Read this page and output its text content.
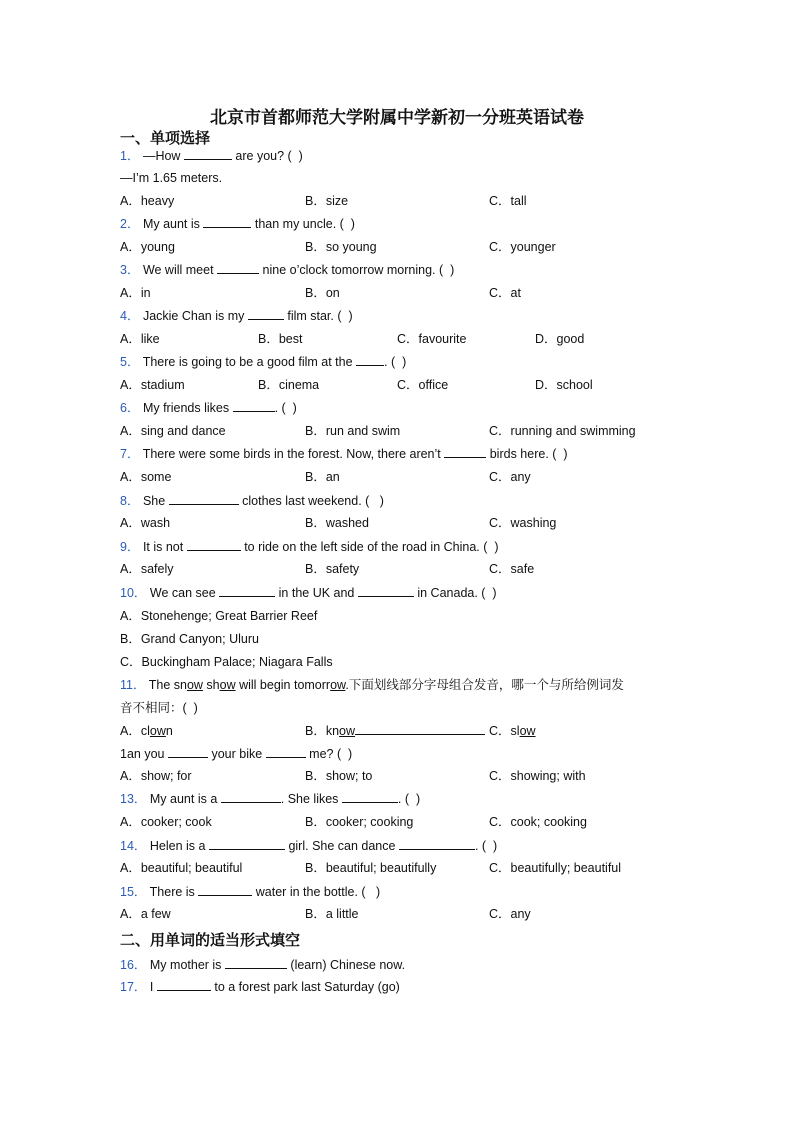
北京市首都师范大学附属中学新初一分班英语试卷
一、单项选择
1． —How	are you? (  )
—I’m 1.65 meters.
A．heavy	B．size	C．tall
2． My aunt is	than my uncle. (  )
A．young	B．so young	C．younger
3． We will meet	nine o’clock tomorrow morning. (  )
A．in	B．on	C．at
4． Jackie Chan is my	film star. (  )
A．like	B．best	C．favourite	D．good
5． There is going to be a good film at the	. (  )
A．stadium	B．cinema	C．office	D．school
6． My friends likes	. (  )
A．sing and dance	B．run and swim	C．running and swimming
7． There were some birds in the forest. Now, there aren’t	birds here. (  )
A．some	B．an	C．any
8． She	clothes last weekend. (   )
A．wash	B．washed	C．washing
9． It is not	to ride on the left side of the road in China. (  )
A．safely	B．safety	C．safe
10． We can see	in the UK and	in Canada. (  )
A．Stonehenge; Great Barrier Reef
B．Grand Canyon; Uluru
C．Buckingham Palace; Niagara Falls
11． The snow show will begin tomorrow.下面划线部分字母组合发音，哪一个与所给例词发
音不相同：(  )
A．clown	B．know	C．slow
1an you	your bike	me? (  )
A．show; for	B．show; to	C．showing; with
13． My aunt is a	. She likes	. (  )
A．cooker; cook	B．cooker; cooking	C．cook; cooking
14． Helen is a	girl. She can dance	. (  )
A．beautiful; beautiful	B．beautiful; beautifully	C．beautifully; beautiful
15． There is	water in the bottle. (   )
A．a few	B．a little	C．any
二、用单词的适当形式填空
16． My mother is	(learn) Chinese now.
17． I	to a forest park last Saturday (go)
